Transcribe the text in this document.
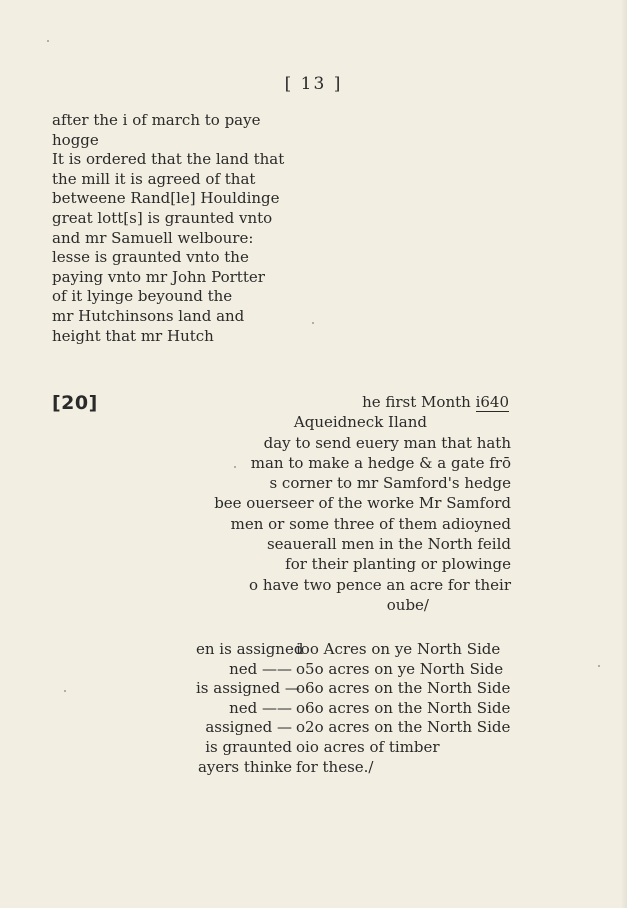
[ 13 ]
after the i of march to paye
hogge
It is ordered that the land that
the mill it is agreed of that
betweene Rand[le] Houldinge
great lott[s] is graunted vnto
and mr Samuell welboure:
lesse is graunted vnto the
paying vnto mr John Portter
of it lyinge beyound the
mr Hutchinsons land and
height that mr Hutch
[20]	he first Month i640
Aqueidneck Iland
day to send euery man that hath
man to make a hedge & a gate frō
s corner to mr Samford's hedge
bee ouerseer of the worke Mr Samford
men or some three of them adioyned
seauerall men in the North feild
for their planting or plowinge
o have two pence an acre for their
oube/
en is assigned
ioo Acres on ye North Side
ned —— o5o acres on ye North Side
is assigned —
o6o acres on the North Side
ned —— o6o acres on the North Side
assigned — o2o acres on the North Side
is graunted oio acres of timber
ayers thinke for these./
